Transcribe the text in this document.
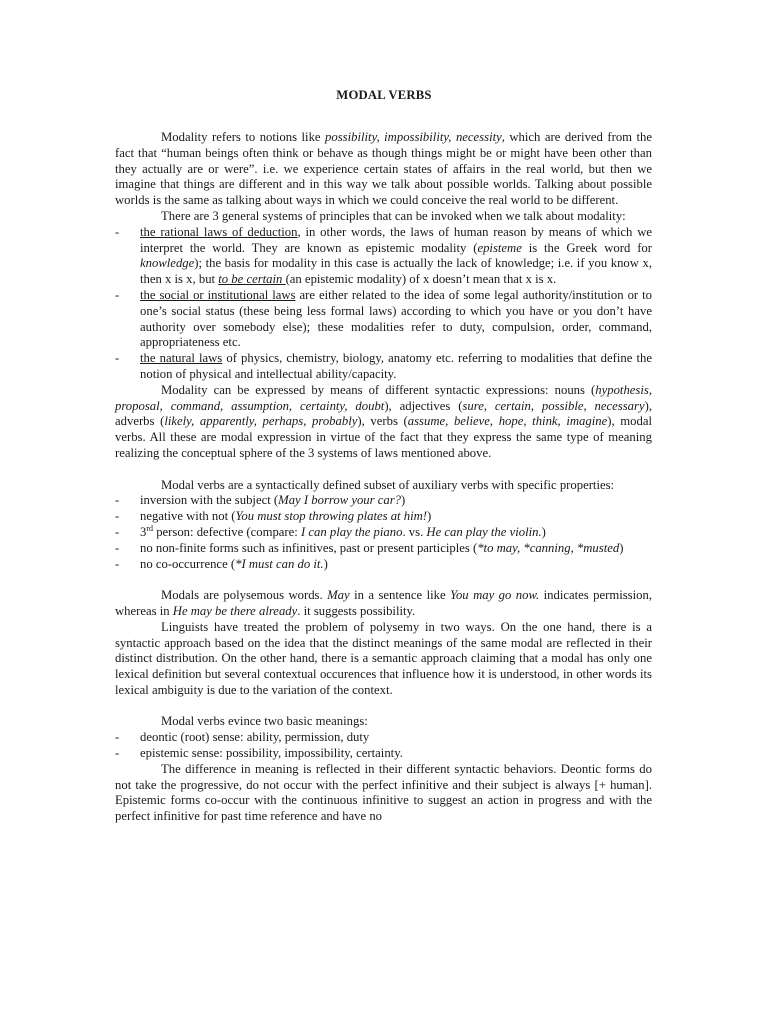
MODAL VERBS

Modality refers to notions like possibility, impossibility, necessity, which are derived from the fact that “human beings often think or behave as though things might be or might have been other than they actually are or were”. i.e. we experience certain states of affairs in the real world, but then we imagine that things are different and in this way we talk about possible worlds. Talking about possible worlds is the same as talking about ways in which we could conceive the real world to be different.

There are 3 general systems of principles that can be invoked when we talk about modality:

- the rational laws of deduction, in other words, the laws of human reason by means of which we interpret the world. They are known as epistemic modality (episteme is the Greek word for knowledge); the basis for modality in this case is actually the lack of knowledge; i.e. if you know x, then x is x, but to be certain (an epistemic modality) of x doesn’t mean that x is x.
- the social or institutional laws are either related to the idea of some legal authority/institution or to one’s social status (these being less formal laws) according to which you have or you don’t have authority over somebody else); these modalities refer to duty, compulsion, order, command, appropriateness etc.
- the natural laws of physics, chemistry, biology, anatomy etc. referring to modalities that define the notion of physical and intellectual ability/capacity.

Modality can be expressed by means of different syntactic expressions: nouns (hypothesis, proposal, command, assumption, certainty, doubt), adjectives (sure, certain, possible, necessary), adverbs (likely, apparently, perhaps, probably), verbs (assume, believe, hope, think, imagine), modal verbs. All these are modal expression in virtue of the fact that they express the same type of meaning realizing the conceptual sphere of the 3 systems of laws mentioned above.

Modal verbs are a syntactically defined subset of auxiliary verbs with specific properties:

- inversion with the subject (May I borrow your car?)
- negative with not (You must stop throwing plates at him!)
- 3rd person: defective (compare: I can play the piano. vs. He can play the violin.)
- no non-finite forms such as infinitives, past or present participles (*to may, *canning, *musted)
- no co-occurrence (*I must can do it.)

Modals are polysemous words. May in a sentence like You may go now. indicates permission, whereas in He may be there already. it suggests possibility.

Linguists have treated the problem of polysemy in two ways. On the one hand, there is a syntactic approach based on the idea that the distinct meanings of the same modal are reflected in their distinct distribution. On the other hand, there is a semantic approach claiming that a modal has only one lexical definition but several contextual occurences that influence how it is understood, in other words its lexical ambiguity is due to the variation of the context.

Modal verbs evince two basic meanings:

- deontic (root) sense: ability, permission, duty
- epistemic sense: possibility, impossibility, certainty.

The difference in meaning is reflected in their different syntactic behaviors. Deontic forms do not take the progressive, do not occur with the perfect infinitive and their subject is always [+ human]. Epistemic forms co-occur with the continuous infinitive to suggest an action in progress and with the perfect infinitive for past time reference and have no
